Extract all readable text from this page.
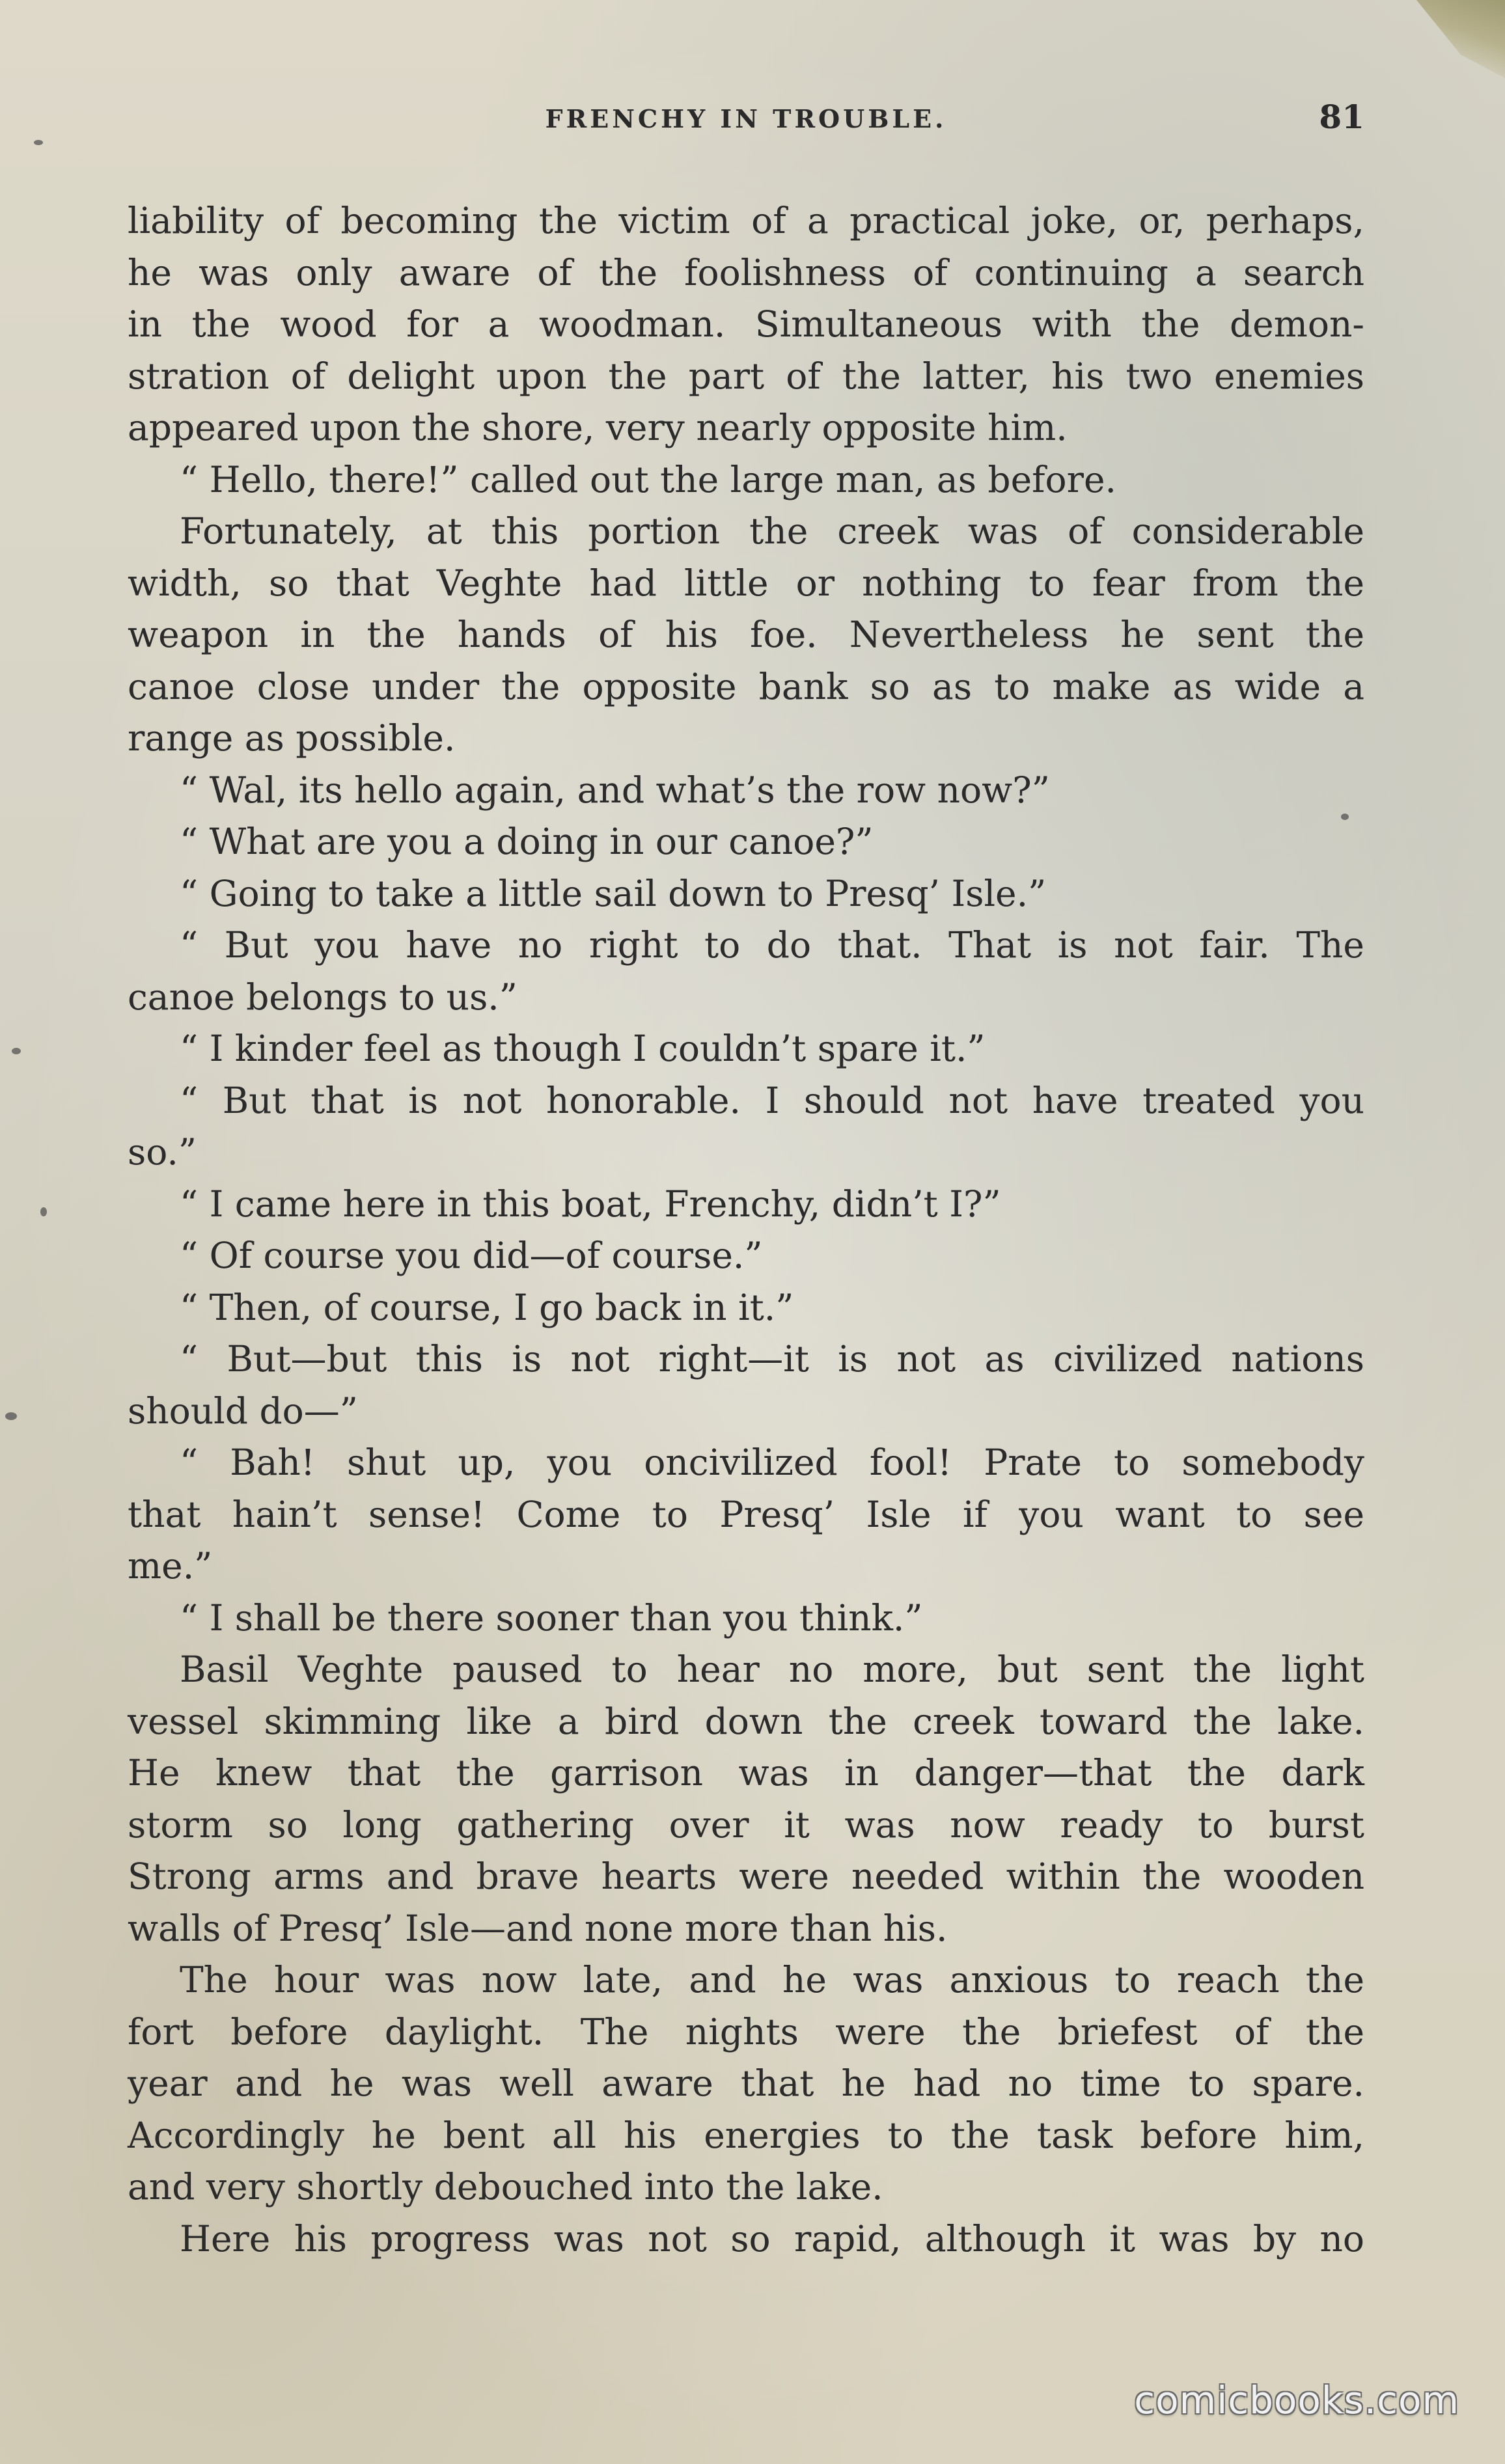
FRENCHY IN TROUBLE.	81
liability of becoming the victim of a practical joke, or, perhaps,
he was only aware of the foolishness of continuing a search
in the wood for a woodman. Simultaneous with the demon-
stration of delight upon the part of the latter, his two enemies
appeared upon the shore, very nearly opposite him.
“ Hello, there!” called out the large man, as before.
Fortunately, at this portion the creek was of considerable
width, so that Veghte had little or nothing to fear from the
weapon in the hands of his foe. Nevertheless he sent the
canoe close under the opposite bank so as to make as wide a
range as possible.
“ Wal, its hello again, and what’s the row now?”
“ What are you a doing in our canoe?”
“ Going to take a little sail down to Presq’ Isle.”
“ But you have no right to do that. That is not fair. The
canoe belongs to us.”
“ I kinder feel as though I couldn’t spare it.”
“ But that is not honorable. I should not have treated you
so.”
“ I came here in this boat, Frenchy, didn’t I?”
“ Of course you did—of course.”
“ Then, of course, I go back in it.”
“ But—but this is not right—it is not as civilized nations
should do—”
“ Bah! shut up, you oncivilized fool! Prate to somebody
that hain’t sense! Come to Presq’ Isle if you want to see
me.”
“ I shall be there sooner than you think.”
Basil Veghte paused to hear no more, but sent the light
vessel skimming like a bird down the creek toward the lake.
He knew that the garrison was in danger—that the dark
storm so long gathering over it was now ready to burst
Strong arms and brave hearts were needed within the wooden
walls of Presq’ Isle—and none more than his.
The hour was now late, and he was anxious to reach the
fort before daylight. The nights were the briefest of the
year and he was well aware that he had no time to spare.
Accordingly he bent all his energies to the task before him,
and very shortly debouched into the lake.
Here his progress was not so rapid, although it was by no
comicbooks.com
